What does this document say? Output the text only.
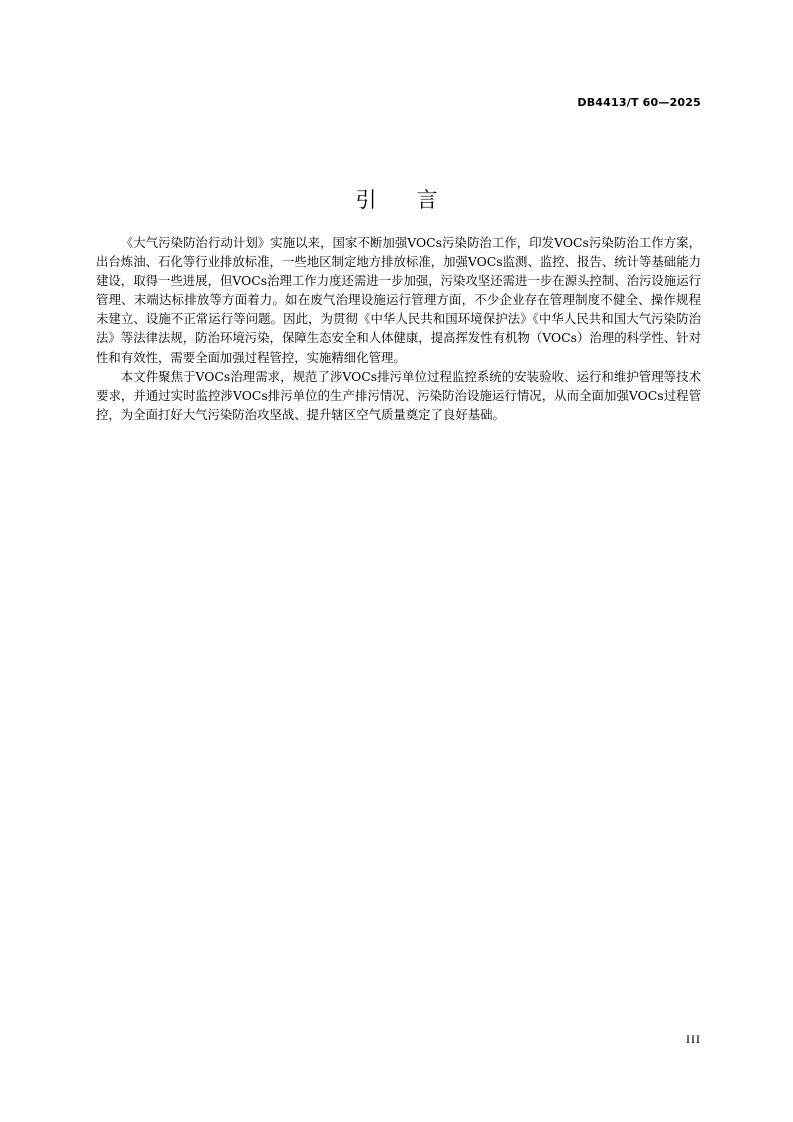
DB4413/T 60—2025
引言

《大气污染防治行动计划》实施以来，国家不断加强VOCs污染防治工作，印发VOCs污染防治工作方案，出台炼油、石化等行业排放标准，一些地区制定地方排放标准，加强VOCs监测、监控、报告、统计等基础能力建设，取得一些进展，但VOCs治理工作力度还需进一步加强，污染攻坚还需进一步在源头控制、治污设施运行管理、末端达标排放等方面着力。如在废气治理设施运行管理方面，不少企业存在管理制度不健全、操作规程未建立、设施不正常运行等问题。因此，为贯彻《中华人民共和国环境保护法》《中华人民共和国大气污染防治法》等法律法规，防治环境污染，保障生态安全和人体健康，提高挥发性有机物（VOCs）治理的科学性、针对性和有效性，需要全面加强过程管控，实施精细化管理。

本文件聚焦于VOCs治理需求，规范了涉VOCs排污单位过程监控系统的安装验收、运行和维护管理等技术要求，并通过实时监控涉VOCs排污单位的生产排污情况、污染防治设施运行情况，从而全面加强VOCs过程管控，为全面打好大气污染防治攻坚战、提升辖区空气质量奠定了良好基础。

III
